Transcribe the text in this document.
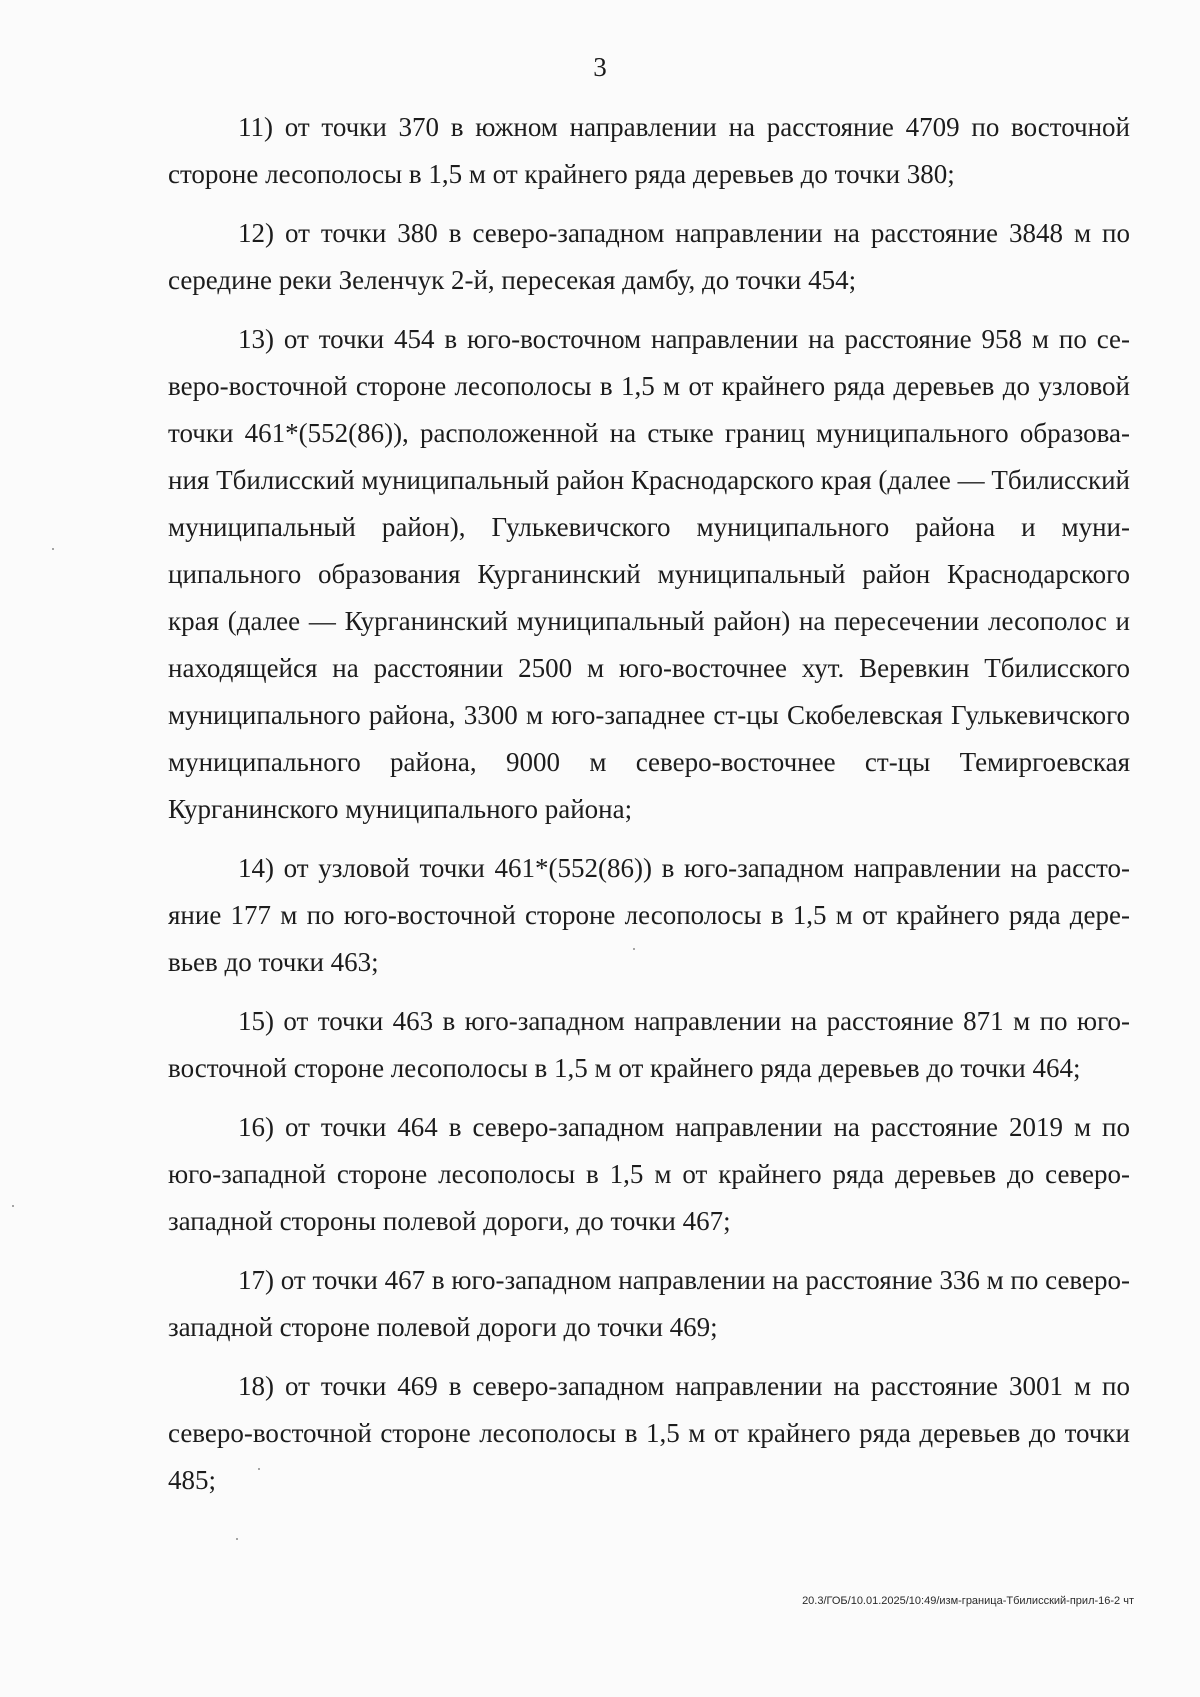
3

11) от точки 370 в южном направлении на расстояние 4709 по восточной стороне лесополосы в 1,5 м от крайнего ряда деревьев до точки 380;

12) от точки 380 в северо-западном направлении на расстояние 3848 м по середине реки Зеленчук 2-й, пересекая дамбу, до точки 454;

13) от точки 454 в юго-восточном направлении на расстояние 958 м по северо-восточной стороне лесополосы в 1,5 м от крайнего ряда деревьев до узловой точки 461*(552(86)), расположенной на стыке границ муниципального образования Тбилисский муниципальный район Краснодарского края (далее — Тбилисский муниципальный район), Гулькевичского муниципального района и муниципального образования Курганинский муниципальный район Краснодарского края (далее — Курганинский муниципальный район) на пересечении лесополос и находящейся на расстоянии 2500 м юго-восточнее хут. Веревкин Тбилисского муниципального района, 3300 м юго-западнее ст-цы Скобелевская Гулькевичского муниципального района, 9000 м северо-восточнее ст-цы Темиргоевская Курганинского муниципального района;

14) от узловой точки 461*(552(86)) в юго-западном направлении на расстояние 177 м по юго-восточной стороне лесополосы в 1,5 м от крайнего ряда деревьев до точки 463;

15) от точки 463 в юго-западном направлении на расстояние 871 м по юго-восточной стороне лесополосы в 1,5 м от крайнего ряда деревьев до точки 464;

16) от точки 464 в северо-западном направлении на расстояние 2019 м по юго-западной стороне лесополосы в 1,5 м от крайнего ряда деревьев до северо-западной стороны полевой дороги, до точки 467;

17) от точки 467 в юго-западном направлении на расстояние 336 м по северо-западной стороне полевой дороги до точки 469;

18) от точки 469 в северо-западном направлении на расстояние 3001 м по северо-восточной стороне лесополосы в 1,5 м от крайнего ряда деревьев до точки 485;

20.3/ГОБ/10.01.2025/10:49/изм-граница-Тбилисский-прил-16-2 чт
